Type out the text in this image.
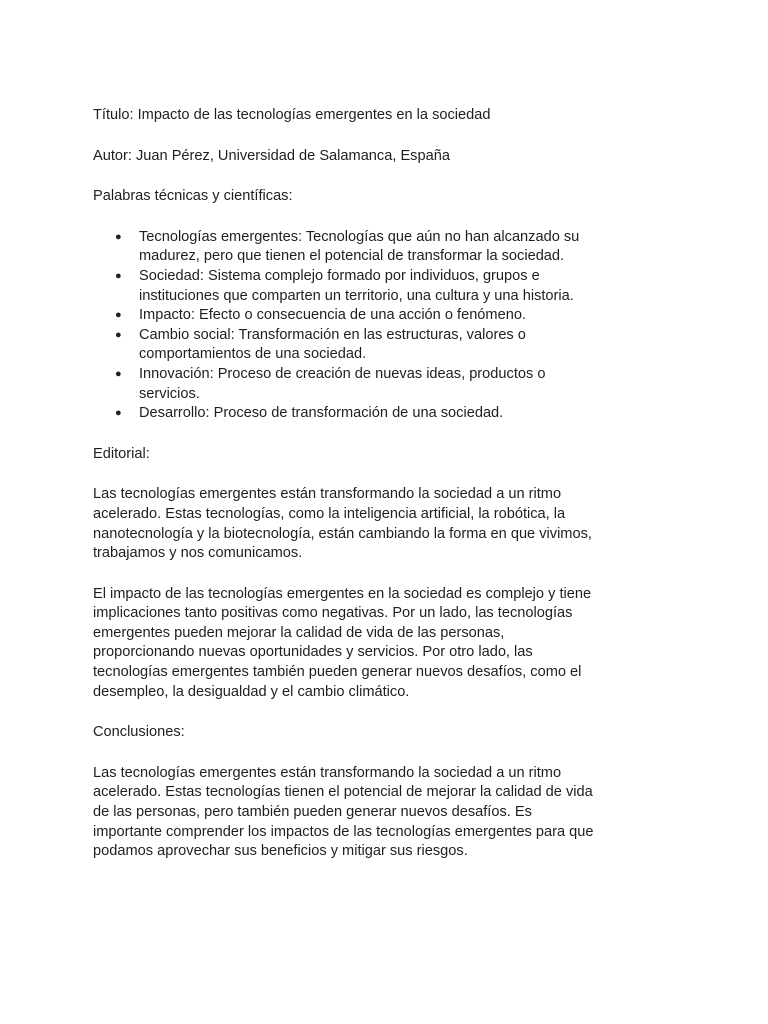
Título: Impacto de las tecnologías emergentes en la sociedad

Autor: Juan Pérez, Universidad de Salamanca, España

Palabras técnicas y científicas:

● Tecnologías emergentes: Tecnologías que aún no han alcanzado su
madurez, pero que tienen el potencial de transformar la sociedad.
● Sociedad: Sistema complejo formado por individuos, grupos e
instituciones que comparten un territorio, una cultura y una historia.
● Impacto: Efecto o consecuencia de una acción o fenómeno.
● Cambio social: Transformación en las estructuras, valores o
comportamientos de una sociedad.
● Innovación: Proceso de creación de nuevas ideas, productos o
servicios.
● Desarrollo: Proceso de transformación de una sociedad.

Editorial:

Las tecnologías emergentes están transformando la sociedad a un ritmo
acelerado. Estas tecnologías, como la inteligencia artificial, la robótica, la
nanotecnología y la biotecnología, están cambiando la forma en que vivimos,
trabajamos y nos comunicamos.

El impacto de las tecnologías emergentes en la sociedad es complejo y tiene
implicaciones tanto positivas como negativas. Por un lado, las tecnologías
emergentes pueden mejorar la calidad de vida de las personas,
proporcionando nuevas oportunidades y servicios. Por otro lado, las
tecnologías emergentes también pueden generar nuevos desafíos, como el
desempleo, la desigualdad y el cambio climático.

Conclusiones:

Las tecnologías emergentes están transformando la sociedad a un ritmo
acelerado. Estas tecnologías tienen el potencial de mejorar la calidad de vida
de las personas, pero también pueden generar nuevos desafíos. Es
importante comprender los impactos de las tecnologías emergentes para que
podamos aprovechar sus beneficios y mitigar sus riesgos.
